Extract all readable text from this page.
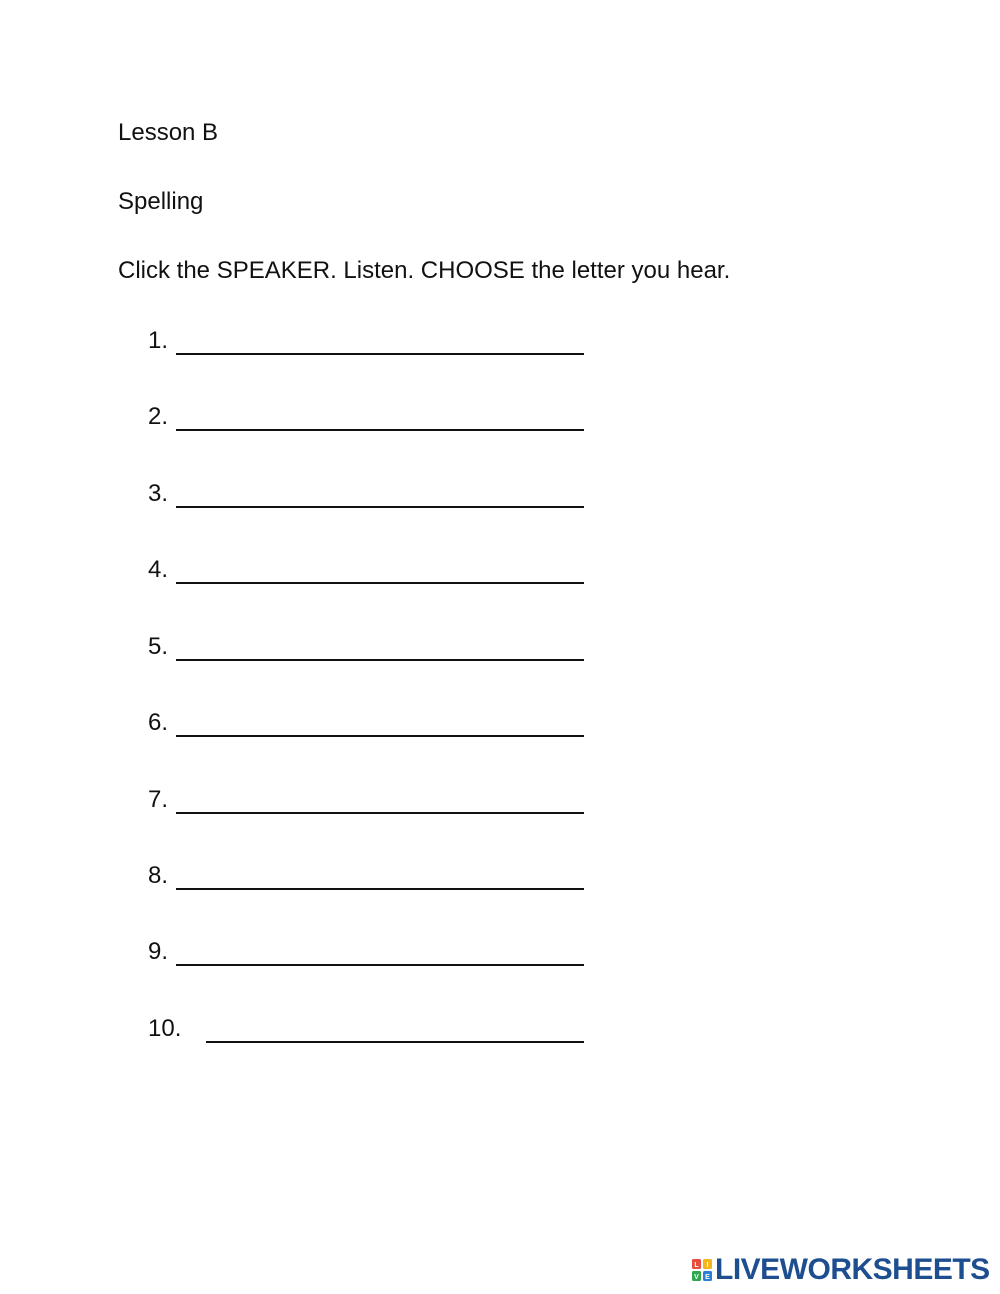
Lesson B
Spelling
Click the SPEAKER. Listen. CHOOSE the letter you hear.
1.
2.
3.
4.
5.
6.
7.
8.
9.
10.
L I
V E LIVEWORKSHEETS
